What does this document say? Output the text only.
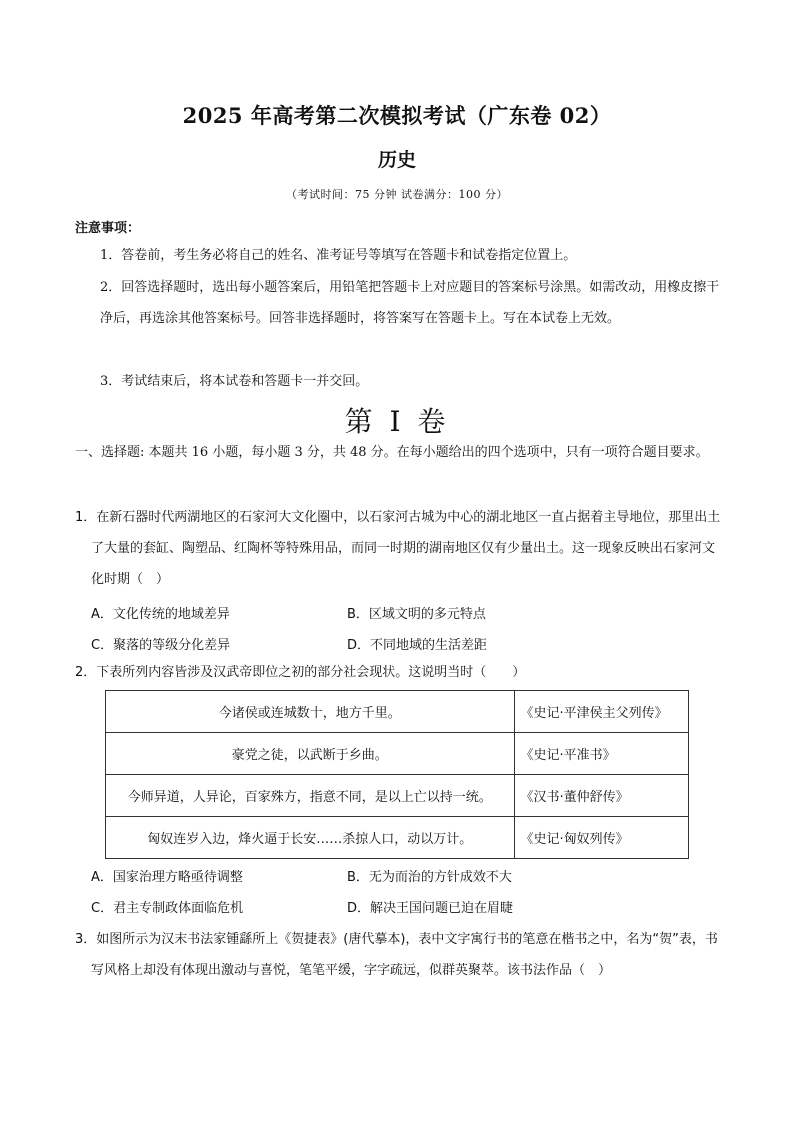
2025 年高考第二次模拟考试（广东卷 02）
历史
（考试时间：75 分钟 试卷满分：100 分）
注意事项：
1．答卷前，考生务必将自己的姓名、准考证号等填写在答题卡和试卷指定位置上。
2．回答选择题时，选出每小题答案后，用铅笔把答题卡上对应题目的答案标号涂黑。如需改动，用橡皮擦干净后，再选涂其他答案标号。回答非选择题时，将答案写在答题卡上。写在本试卷上无效。
3．考试结束后，将本试卷和答题卡一并交回。
第 I 卷
一、选择题: 本题共 16 小题，每小题 3 分，共 48 分。在每小题给出的四个选项中，只有一项符合题目要求。
1．在新石器时代两湖地区的石家河大文化圈中，以石家河古城为中心的湖北地区一直占据着主导地位，那里出土了大量的套缸、陶塑品、红陶杯等特殊用品，而同一时期的湖南地区仅有少量出土。这一现象反映出石家河文化时期（　）
A．文化传统的地域差异	B．区域文明的多元特点
C．聚落的等级分化差异	D．不同地域的生活差距
2．下表所列内容皆涉及汉武帝即位之初的部分社会现状。这说明当时（　　）
今诸侯或连城数十，地方千里。	《史记·平津侯主父列传》
豪党之徒，以武断于乡曲。	《史记·平准书》
今师异道，人异论，百家殊方，指意不同，是以上亡以持一统。	《汉书·董仲舒传》
匈奴连岁入边，烽火逼于长安……杀掠人口，动以万计。	《史记·匈奴列传》
A．国家治理方略亟待调整	B．无为而治的方针成效不大
C．君主专制政体面临危机	D．解决王国问题已迫在眉睫
3．如图所示为汉末书法家锺繇所上《贺捷表》(唐代摹本)，表中文字寓行书的笔意在楷书之中，名为“贺”表，书写风格上却没有体现出激动与喜悦，笔笔平缓，字字疏远，似群英聚萃。该书法作品（　）
